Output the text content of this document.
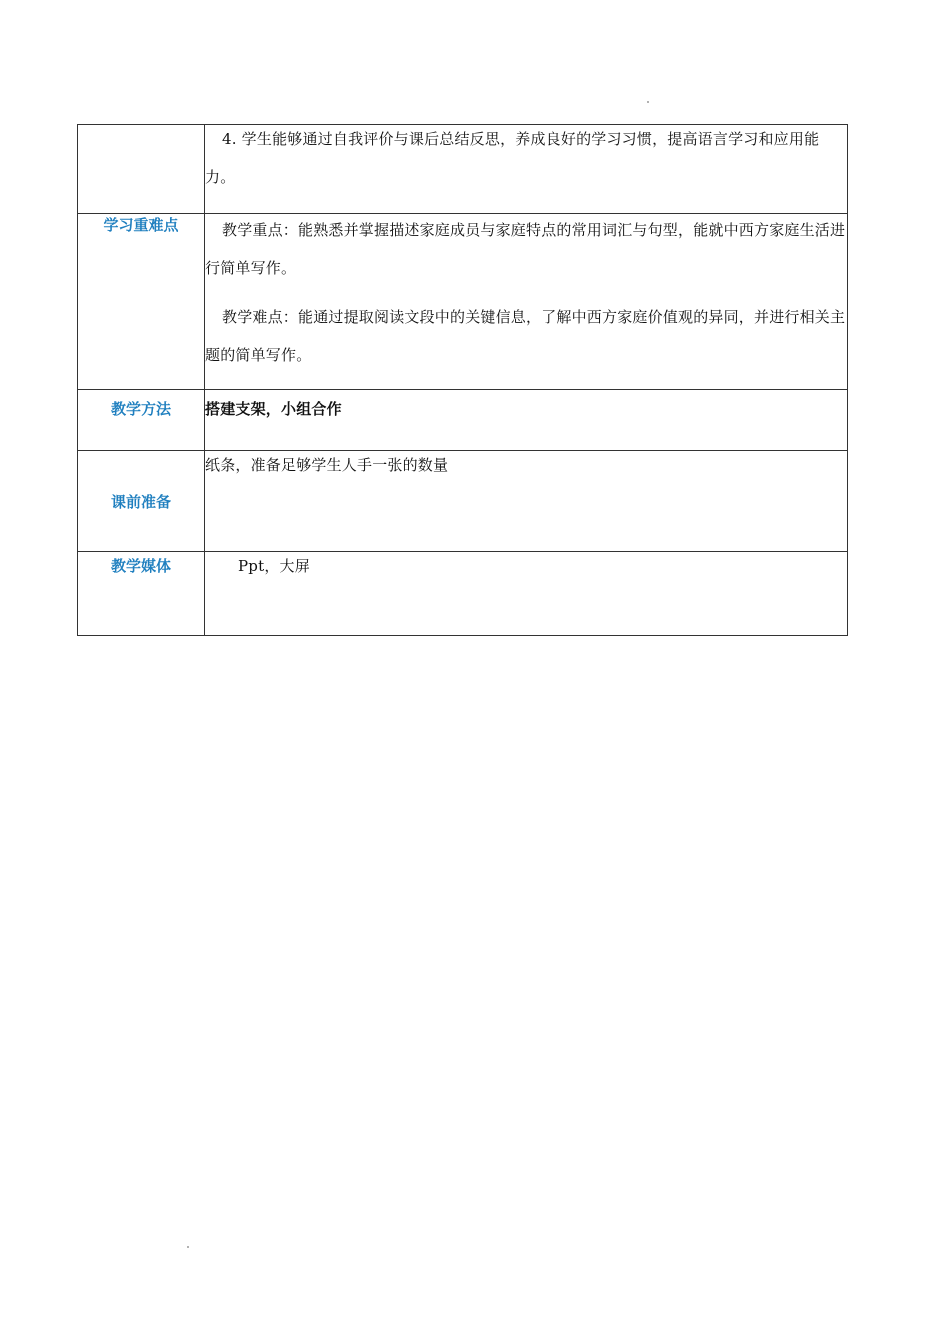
	4. 学生能够通过自我评价与课后总结反思，养成良好的学习习惯，提高语言学习和应用能力。

学习重难点	教学重点：能熟悉并掌握描述家庭成员与家庭特点的常用词汇与句型，能就中西方家庭生活进行简单写作。

教学难点：能通过提取阅读文段中的关键信息，了解中西方家庭价值观的异同，并进行相关主题的简单写作。

教学方法	搭建支架，小组合作

课前准备	纸条，准备足够学生人手一张的数量
教学媒体	Ppt，大屏
